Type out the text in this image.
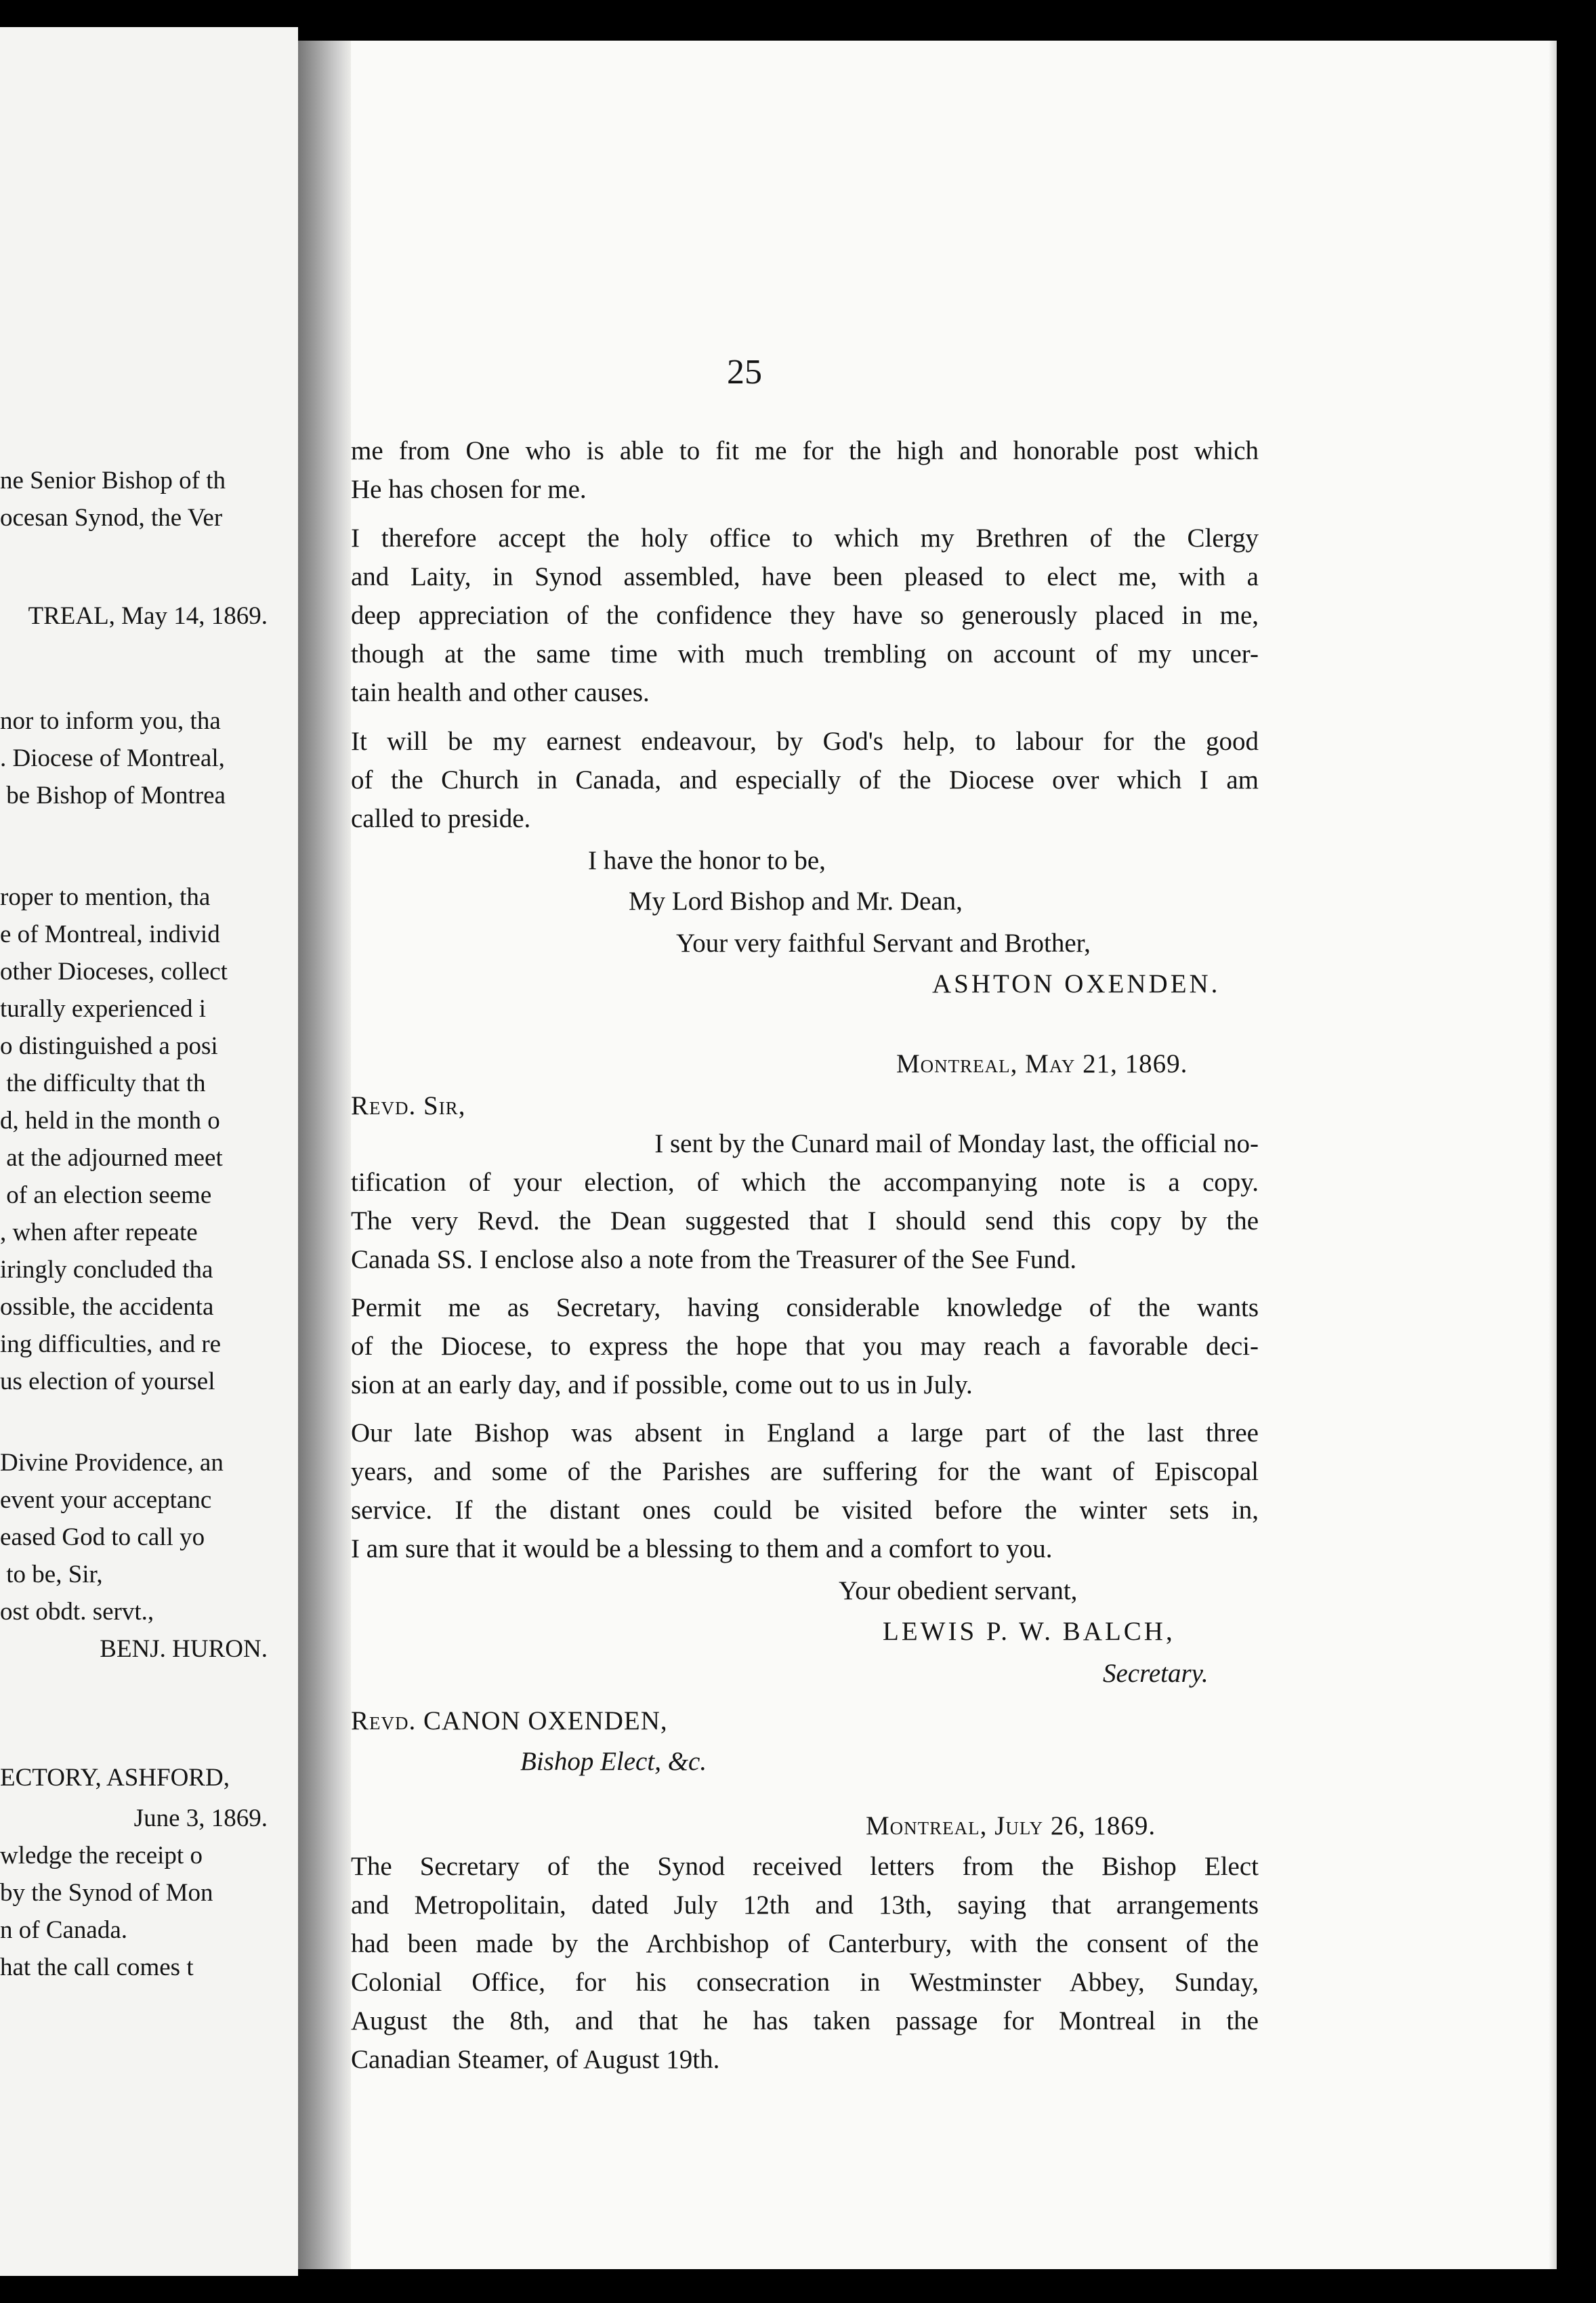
ne Senior Bishop of th
ocesan Synod, the Ver
TREAL, May 14, 1869.
nor to inform you, tha
. Diocese of Montreal,
be Bishop of Montrea
roper to mention, tha
e of Montreal, individ
other Dioceses, collect
turally experienced i
o distinguished a posi
the difficulty that th
d, held in the month o
at the adjourned meet
of an election seeme
, when after repeate
iringly concluded tha
ossible, the accidenta
ing difficulties, and re
us election of yoursel
Divine Providence, an
event your acceptanc
eased God to call yo
to be, Sir,
ost obdt. servt.,
BENJ. HURON.
ECTORY, ASHFORD,
June 3, 1869.
wledge the receipt o
by the Synod of Mon
n of Canada.
hat the call comes t
25
me from One who is able to fit me for the high and honorable post which
He has chosen for me.
I therefore accept the holy office to which my Brethren of the Clergy
and Laity, in Synod assembled, have been pleased to elect me, with a
deep appreciation of the confidence they have so generously placed in me,
though at the same time with much trembling on account of my uncer-
tain health and other causes.
It will be my earnest endeavour, by God's help, to labour for the good
of the Church in Canada, and especially of the Diocese over which I am
called to preside.
I have the honor to be,
My Lord Bishop and Mr. Dean,
Your very faithful Servant and Brother,
ASHTON OXENDEN.
Montreal, May 21, 1869.
Revd. Sir,
I sent by the Cunard mail of Monday last, the official no-
tification of your election, of which the accompanying note is a copy.
The very Revd. the Dean suggested that I should send this copy by the
Canada SS. I enclose also a note from the Treasurer of the See Fund.
Permit me as Secretary, having considerable knowledge of the wants
of the Diocese, to express the hope that you may reach a favorable deci-
sion at an early day, and if possible, come out to us in July.
Our late Bishop was absent in England a large part of the last three
years, and some of the Parishes are suffering for the want of Episcopal
service. If the distant ones could be visited before the winter sets in,
I am sure that it would be a blessing to them and a comfort to you.
Your obedient servant,
LEWIS P. W. BALCH,
Secretary.
Revd. CANON OXENDEN,
Bishop Elect, &c.
Montreal, July 26, 1869.
The Secretary of the Synod received letters from the Bishop Elect
and Metropolitain, dated July 12th and 13th, saying that arrangements
had been made by the Archbishop of Canterbury, with the consent of the
Colonial Office, for his consecration in Westminster Abbey, Sunday,
August the 8th, and that he has taken passage for Montreal in the
Canadian Steamer, of August 19th.
